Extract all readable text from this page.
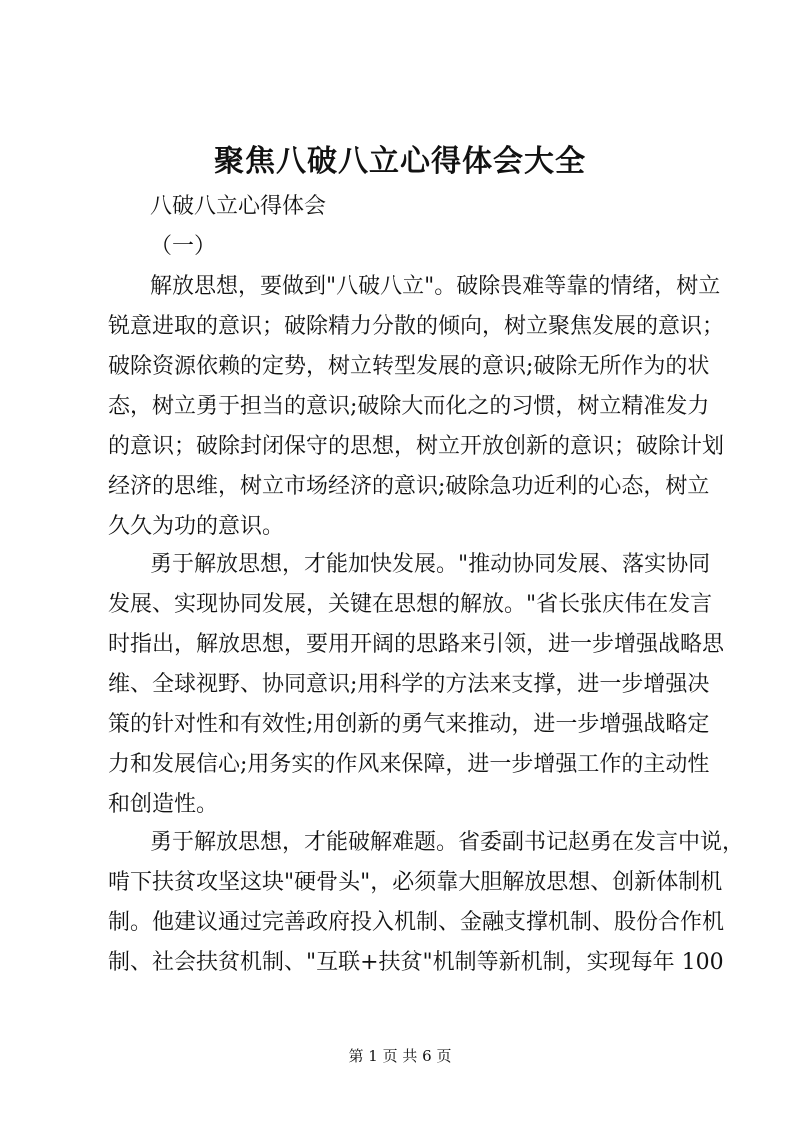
聚焦八破八立心得体会大全
八破八立心得体会
（一）
解放思想，要做到"八破八立"。破除畏难等靠的情绪，树立
锐意进取的意识；破除精力分散的倾向，树立聚焦发展的意识；
破除资源依赖的定势，树立转型发展的意识;破除无所作为的状
态，树立勇于担当的意识;破除大而化之的习惯，树立精准发力
的意识；破除封闭保守的思想，树立开放创新的意识；破除计划
经济的思维，树立市场经济的意识;破除急功近利的心态，树立
久久为功的意识。
勇于解放思想，才能加快发展。"推动协同发展、落实协同
发展、实现协同发展，关键在思想的解放。"省长张庆伟在发言
时指出，解放思想，要用开阔的思路来引领，进一步增强战略思
维、全球视野、协同意识;用科学的方法来支撑，进一步增强决
策的针对性和有效性;用创新的勇气来推动，进一步增强战略定
力和发展信心;用务实的作风来保障，进一步增强工作的主动性
和创造性。
勇于解放思想，才能破解难题。省委副书记赵勇在发言中说，
啃下扶贫攻坚这块"硬骨头"，必须靠大胆解放思想、创新体制机
制。他建议通过完善政府投入机制、金融支撑机制、股份合作机
制、社会扶贫机制、"互联+扶贫"机制等新机制，实现每年 100
第 1 页 共 6 页
